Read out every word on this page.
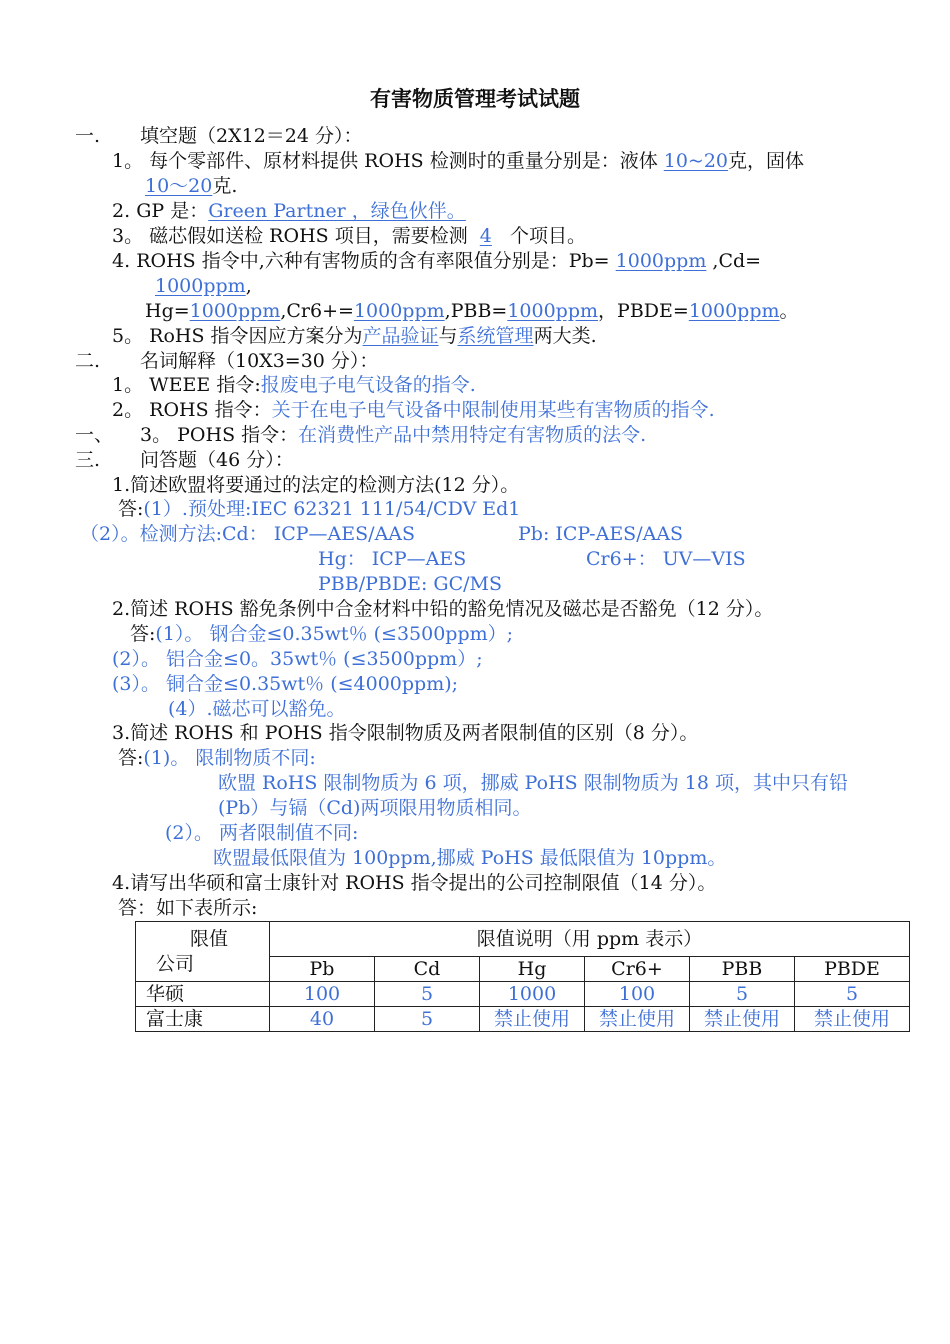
有害物质管理考试试题
一. 填空题（2X12＝24 分）：
1。 每个零部件、原材料提供 ROHS 检测时的重量分别是：液体 10~20克，固体
10～20克.
2. GP 是：Green Partner ，绿色伙伴。
3。 磁芯假如送检 ROHS 项目，需要检测 4 个项目。
4. ROHS 指令中,六种有害物质的含有率限值分别是：Pb= 1000ppm ,Cd=
1000ppm,
Hg=1000ppm,Cr6+=1000ppm,PBB=1000ppm，PBDE=1000ppm。
5。 RoHS 指令因应方案分为产品验证与系统管理两大类.
二. 名词解释（10X3=30 分）：
1。 WEEE 指令:报废电子电气设备的指令.
2。 ROHS 指令：关于在电子电气设备中限制使用某些有害物质的指令.
一、 3。 POHS 指令：在消费性产品中禁用特定有害物质的法令.
三. 问答题（46 分）：
1.简述欧盟将要通过的法定的检测方法(12 分）。
答:(1）.预处理:IEC 62321 111/54/CDV Ed1
（2）。检测方法:Cd： ICP—AES/AAS	Pb: ICP-AES/AAS
Hg： ICP—AES	Cr6+： UV—VIS
PBB/PBDE: GC/MS
2.简述 ROHS 豁免条例中合金材料中铅的豁免情况及磁芯是否豁免（12 分）。
答:(1）。 钢合金≤0.35wt％ (≤3500ppm）;
(2）。 铝合金≤0。35wt％ (≤3500ppm）;
(3）。 铜合金≤0.35wt％ (≤4000ppm);
(4）.磁芯可以豁免。
3.简述 ROHS 和 POHS 指令限制物质及两者限制值的区别（8 分）。
答:(1)。 限制物质不同:
欧盟 RoHS 限制物质为 6 项，挪威 PoHS 限制物质为 18 项，其中只有铅
(Pb）与镉（Cd)两项限用物质相同。
(2）。 两者限制值不同:
欧盟最低限值为 100ppm,挪威 PoHS 最低限值为 10ppm。
4.请写出华硕和富士康针对 ROHS 指令提出的公司控制限值（14 分）。
答：如下表所示:
限值
公司	限值说明（用 ppm 表示）					
	Pb	Cd	Hg	Cr6+	PBB	PBDE
华硕	100	5	1000	100	5	5
富士康	40	5	禁止使用	禁止使用	禁止使用	禁止使用
